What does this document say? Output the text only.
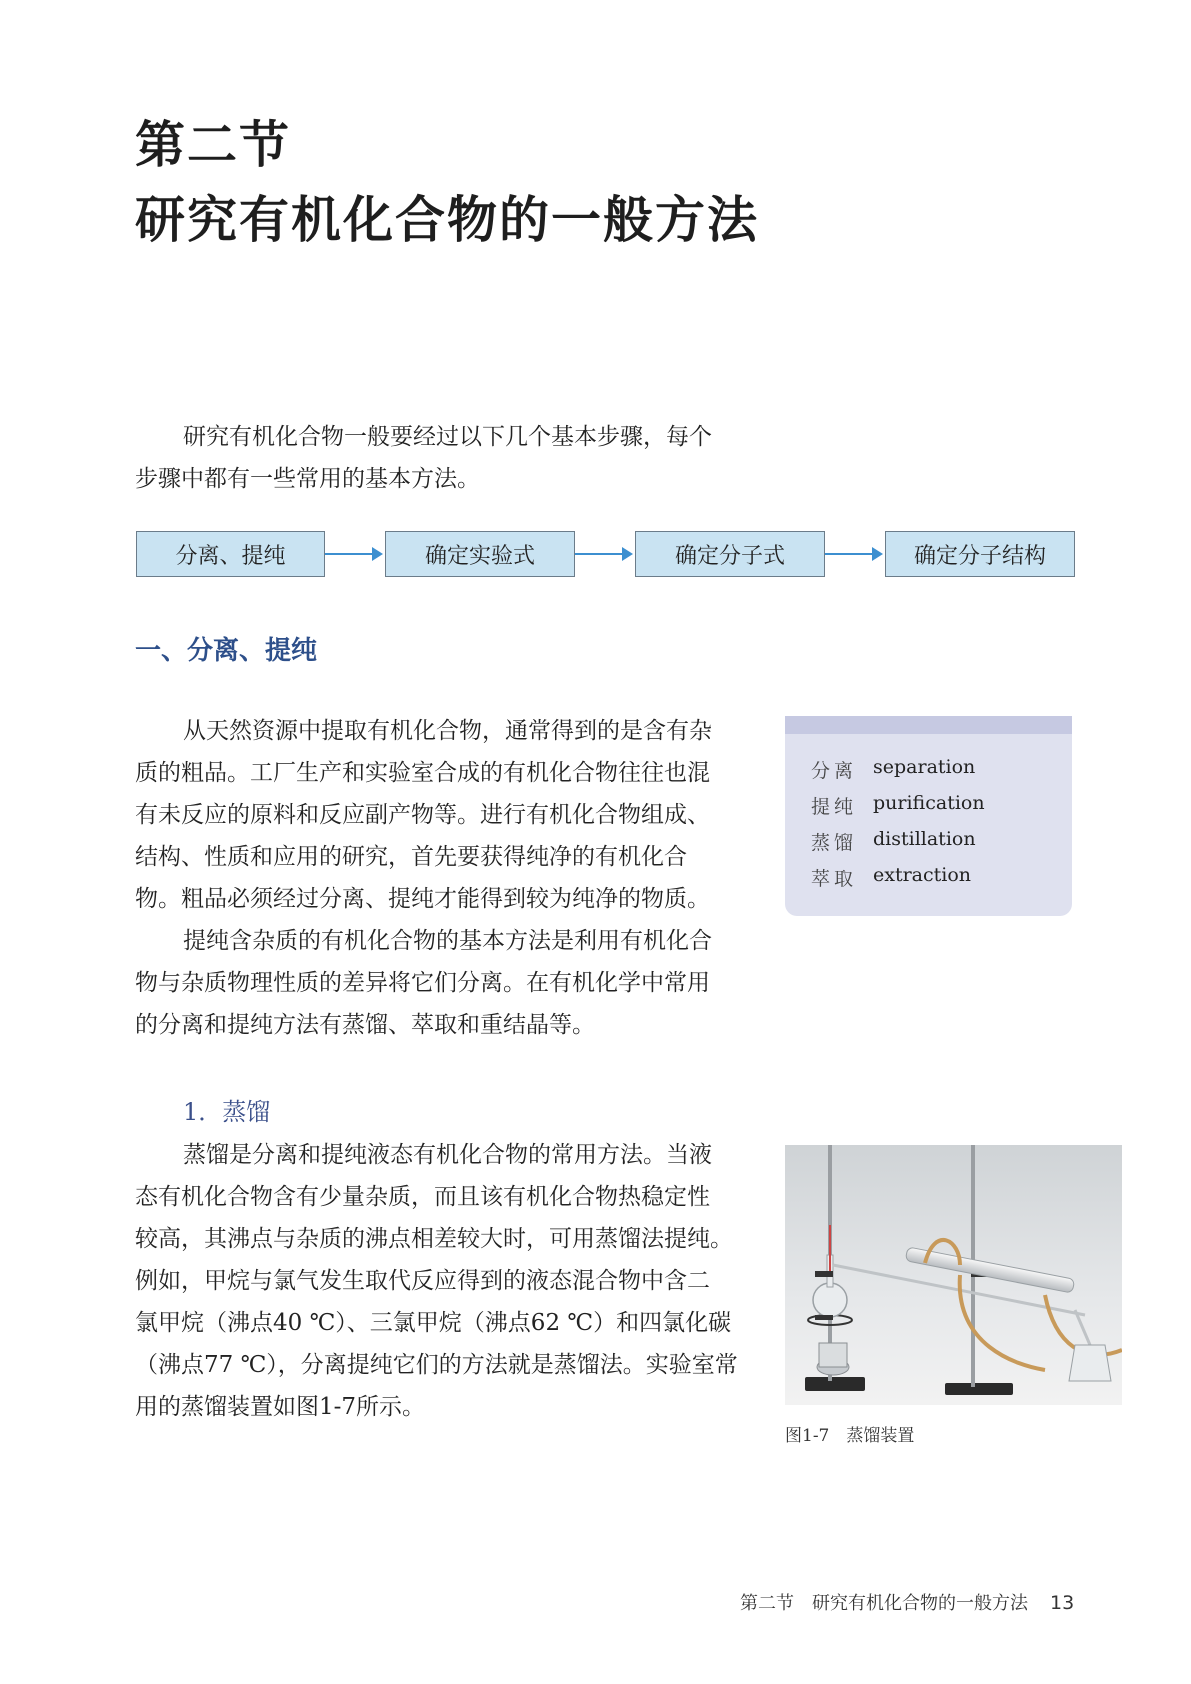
第二节
研究有机化合物的一般方法
研究有机化合物一般要经过以下几个基本步骤，每个
步骤中都有一些常用的基本方法。
分离、提纯	确定实验式	确定分子式	确定分子结构
一、分离、提纯
从天然资源中提取有机化合物，通常得到的是含有杂
质的粗品。工厂生产和实验室合成的有机化合物往往也混
有未反应的原料和反应副产物等。进行有机化合物组成、
结构、性质和应用的研究，首先要获得纯净的有机化合
物。粗品必须经过分离、提纯才能得到较为纯净的物质。
提纯含杂质的有机化合物的基本方法是利用有机化合
物与杂质物理性质的差异将它们分离。在有机化学中常用
的分离和提纯方法有蒸馏、萃取和重结晶等。
分离 separation
提纯 purification
蒸馏 distillation
萃取 extraction
1．蒸馏
蒸馏是分离和提纯液态有机化合物的常用方法。当液
态有机化合物含有少量杂质，而且该有机化合物热稳定性
较高，其沸点与杂质的沸点相差较大时，可用蒸馏法提纯。
例如，甲烷与氯气发生取代反应得到的液态混合物中含二
氯甲烷（沸点40 ℃）、三氯甲烷（沸点62 ℃）和四氯化碳
（沸点77 ℃），分离提纯它们的方法就是蒸馏法。实验室常
用的蒸馏装置如图1-7所示。
图1-7　蒸馏装置
第二节　研究有机化合物的一般方法 13
